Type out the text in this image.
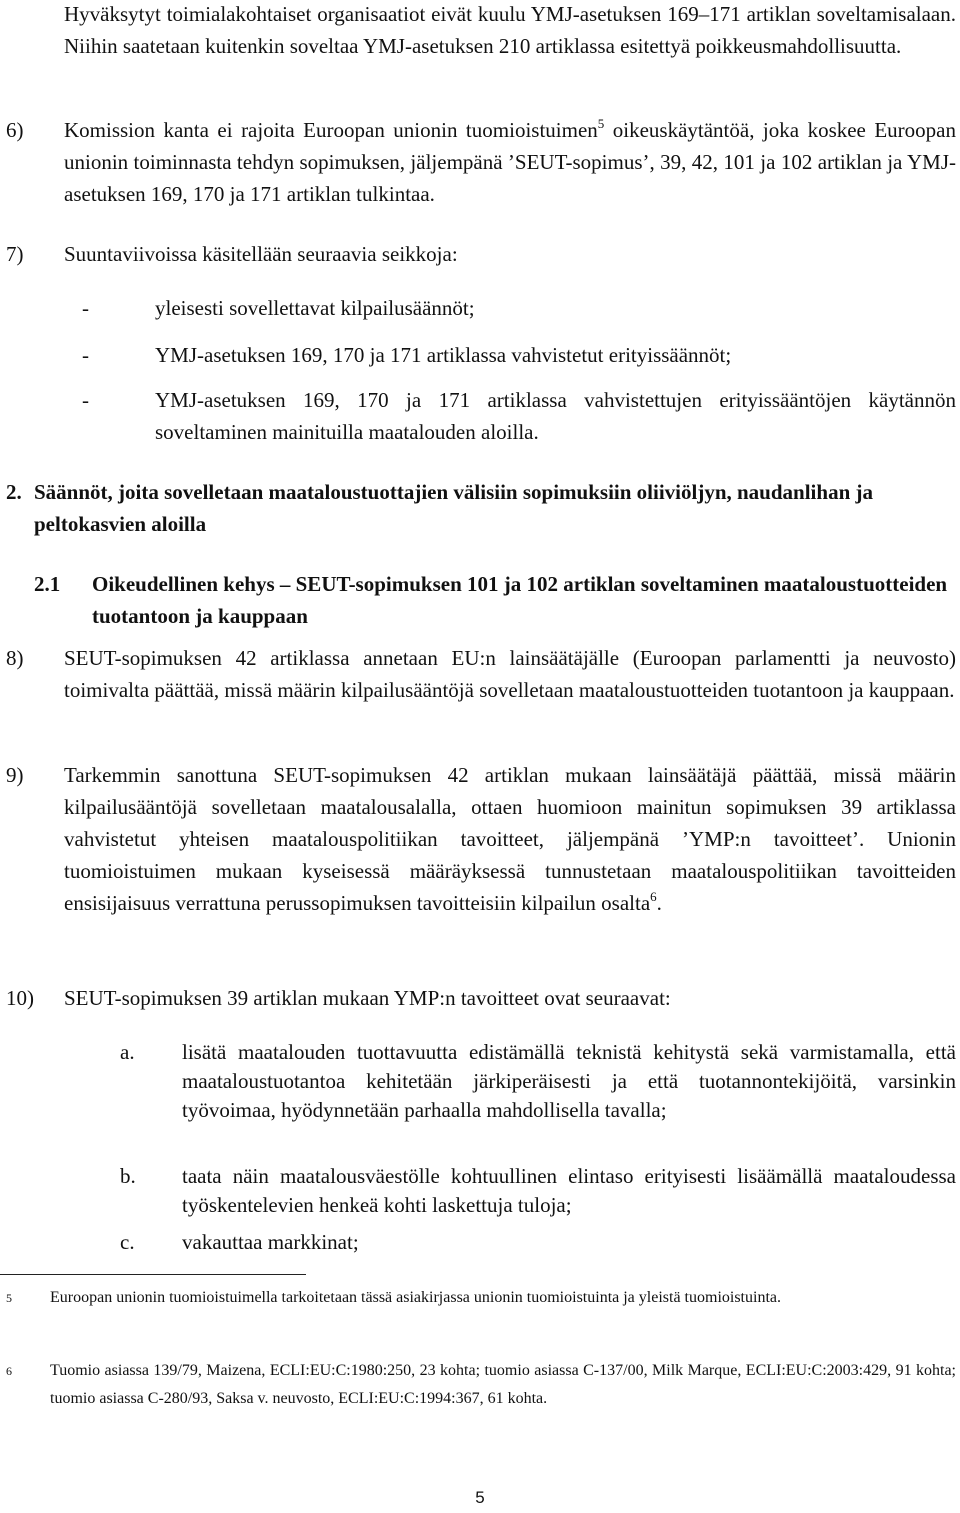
Hyväksytyt toimialakohtaiset organisaatiot eivät kuulu YMJ-asetuksen 169–171 artiklan soveltamisalaan. Niihin saatetaan kuitenkin soveltaa YMJ-asetuksen 210 artiklassa esitettyä poikkeusmahdollisuutta.

6)	Komission kanta ei rajoita Euroopan unionin tuomioistuimen$^5$ oikeuskäytäntöä, joka koskee Euroopan unionin toiminnasta tehdyn sopimuksen, jäljempänä ’SEUT-sopimus’, 39, 42, 101 ja 102 artiklan ja YMJ-asetuksen 169, 170 ja 171 artiklan tulkintaa.

7)	Suuntaviivoissa käsitellään seuraavia seikkoja:

-	yleisesti sovellettavat kilpailusäännöt;

-	YMJ-asetuksen 169, 170 ja 171 artiklassa vahvistetut erityissäännöt;

-	YMJ-asetuksen 169, 170 ja 171 artiklassa vahvistettujen erityissääntöjen käytännön soveltaminen mainituilla maatalouden aloilla.

2. Säännöt, joita sovelletaan maataloustuottajien välisiin sopimuksiin oliiviöljyn, naudanlihan ja peltokasvien aloilla
2.1	Oikeudellinen kehys – SEUT-sopimuksen 101 ja 102 artiklan soveltaminen maataloustuotteiden tuotantoon ja kauppaan
8)	SEUT-sopimuksen 42 artiklassa annetaan EU:n lainsäätäjälle (Euroopan parlamentti ja neuvosto) toimivalta päättää, missä määrin kilpailusääntöjä sovelletaan maataloustuotteiden tuotantoon ja kauppaan.

9)	Tarkemmin sanottuna SEUT-sopimuksen 42 artiklan mukaan lainsäätäjä päättää, missä määrin kilpailusääntöjä sovelletaan maatalousalalla, ottaen huomioon mainitun sopimuksen 39 artiklassa vahvistetut yhteisen maatalouspolitiikan tavoitteet, jäljempänä ’YMP:n tavoitteet’. Unionin tuomioistuimen mukaan kyseisessä määräyksessä tunnustetaan maatalouspolitiikan tavoitteiden ensisijaisuus verrattuna perussopimuksen tavoitteisiin kilpailun osalta$^6$.

10)	SEUT-sopimuksen 39 artiklan mukaan YMP:n tavoitteet ovat seuraavat:

a.	lisätä maatalouden tuottavuutta edistämällä teknistä kehitystä sekä varmistamalla, että maataloustuotantoa kehitetään järkiperäisesti ja että tuotannontekijöitä, varsinkin työvoimaa, hyödynnetään parhaalla mahdollisella tavalla;

b.	taata näin maatalousväestölle kohtuullinen elintaso erityisesti lisäämällä maataloudessa työskentelevien henkeä kohti laskettuja tuloja;

c.	vakauttaa markkinat;

5	Euroopan unionin tuomioistuimella tarkoitetaan tässä asiakirjassa unionin tuomioistuinta ja yleistä tuomioistuinta.

6	Tuomio asiassa 139/79, Maizena, ECLI:EU:C:1980:250, 23 kohta; tuomio asiassa C-137/00, Milk Marque, ECLI:EU:C:2003:429, 91 kohta; tuomio asiassa C-280/93, Saksa v. neuvosto, ECLI:EU:C:1994:367, 61 kohta.

5
